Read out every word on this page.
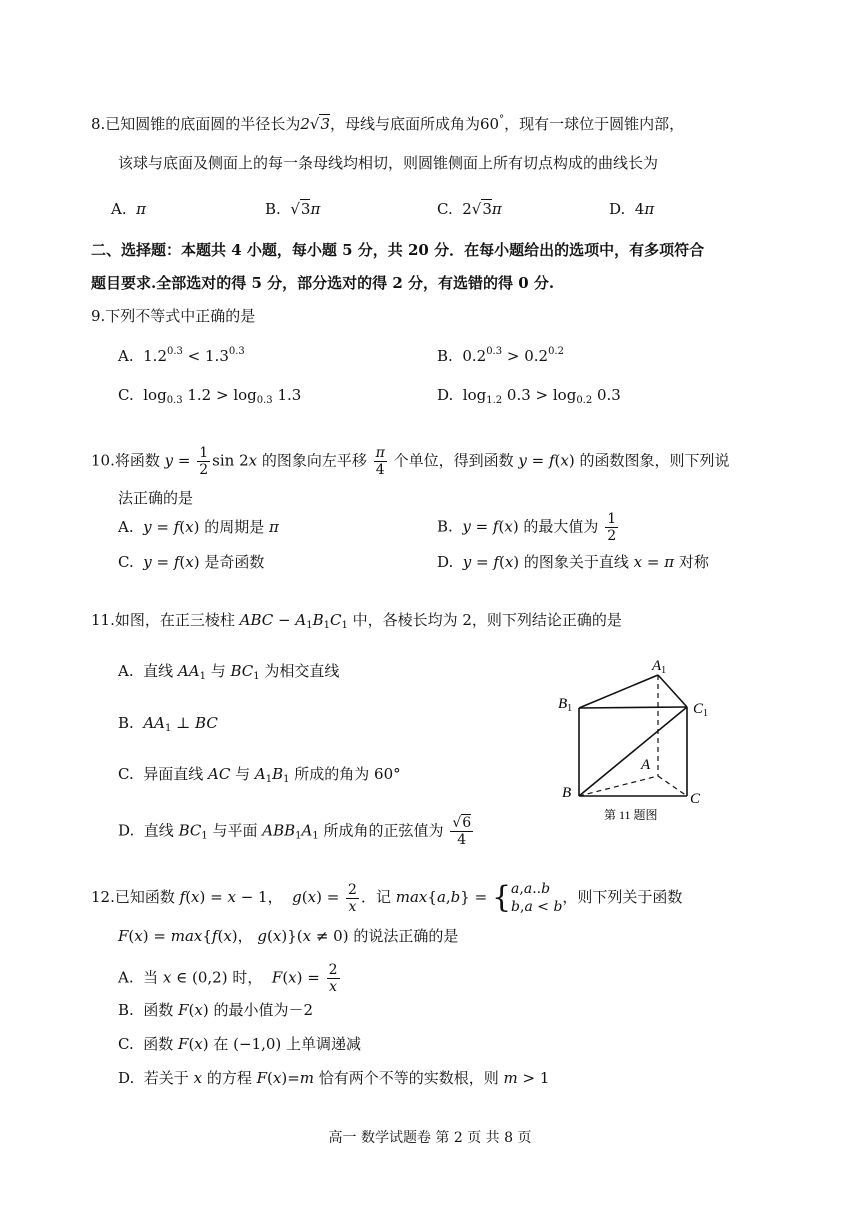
8.已知圆锥的底面圆的半径长为2√3，母线与底面所成角为60°，现有一球位于圆锥内部，
该球与底面及侧面上的每一条母线均相切，则圆锥侧面上所有切点构成的曲线长为
A.  π	B.  √3π	C.  2√3π	D.  4π
二、选择题：本题共 4 小题，每小题 5 分，共 20 分．在每小题给出的选项中，有多项符合
题目要求.全部选对的得 5 分，部分选对的得 2 分，有选错的得 0 分.
9.下列不等式中正确的是
A.  $1.2^{0.3} < 1.3^{0.3}$	B.  $0.2^{0.3} > 0.2^{0.2}$
C.  $\log_{0.3} 1.2 > \log_{0.3} 1.3$	D.  $\log_{1.2} 0.3 > \log_{0.2} 0.3$
10.将函数 $y = \frac{1}{2}$ sin 2x 的图象向左平移 $\frac{\pi}{4}$ 个单位，得到函数 y = f(x) 的函数图象，则下列说
法正确的是
A.  y = f(x) 的周期是 π	B.  y = f(x) 的最大值为 $\frac{1}{2}$
C.  y = f(x) 是奇函数	D.  y = f(x) 的图象关于直线 x = π 对称
11.如图，在正三棱柱 ABC − $A_1B_1C_1$ 中，各棱长均为 2，则下列结论正确的是
A.  直线 $AA_1$ 与 $BC_1$ 为相交直线
B.  $AA_1$ ⊥ BC
C.  异面直线 AC 与 $A_1B_1$ 所成的角为 60°
D.  直线 $BC_1$ 与平面 $ABB_1A_1$ 所成角的正弦值为 $\frac{√6}{4}$
$A_1$
$B_1$	$C_1$
A
B	C
第 11 题图
12.已知函数 f(x) = x − 1，  $g(x) = \frac{2}{x}$ ．记 max{a,b} = {a,a..b
b,a < b，则下列关于函数
F(x) = max{f(x)， g(x)}(x ≠ 0) 的说法正确的是
A.  当 x ∈ (0,2) 时，  $F(x) = \frac{2}{x}$
B.  函数 F(x) 的最小值为－2
C.  函数 F(x) 在 (−1,0) 上单调递减
D.  若关于 x 的方程 F(x)=m 恰有两个不等的实数根，则 m > 1
高一 数学试题卷 第 2 页 共 8 页
